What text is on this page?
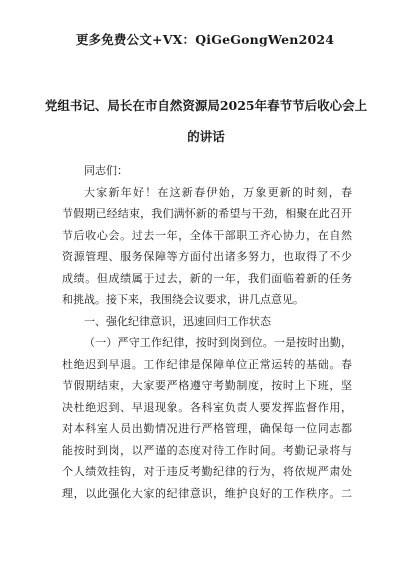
更多免费公文+VX：QiGeGongWen2024
党组书记、局长在市自然资源局2025年春节节后收心会上
的讲话
同志们：
大家新年好！在这新春伊始，万象更新的时刻，春
节假期已经结束，我们满怀新的希望与干劲，相聚在此召开
节后收心会。过去一年，全体干部职工齐心协力，在自然
资源管理、服务保障等方面付出诸多努力，也取得了不少
成绩。但成绩属于过去，新的一年，我们面临着新的任务
和挑战。接下来，我围绕会议要求，讲几点意见。
一、强化纪律意识，迅速回归工作状态
（一）严守工作纪律，按时到岗到位。一是按时出勤，
杜绝迟到早退。工作纪律是保障单位正常运转的基础。春
节假期结束，大家要严格遵守考勤制度，按时上下班，坚
决杜绝迟到、早退现象。各科室负责人要发挥监督作用，
对本科室人员出勤情况进行严格管理，确保每一位同志都
能按时到岗，以严谨的态度对待工作时间。考勤记录将与
个人绩效挂钩，对于违反考勤纪律的行为，将依规严肃处
理，以此强化大家的纪律意识，维护良好的工作秩序。二
